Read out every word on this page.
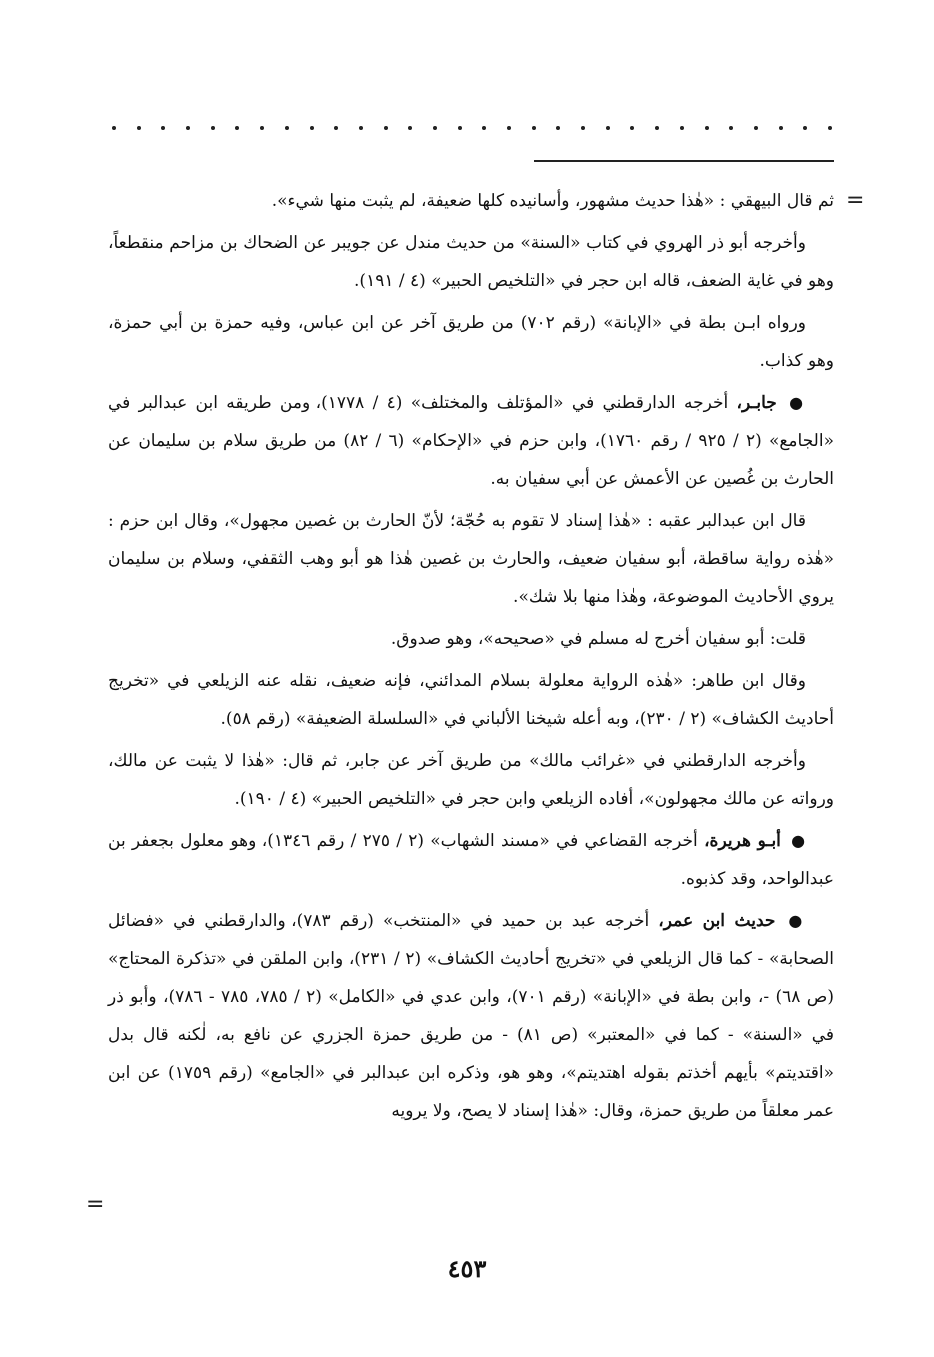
=

ثم قال البيهقي : «هٰذا حديث مشهور، وأسانيده كلها ضعيفة، لم يثبت منها شيء».

وأخرجه أبو ذر الهروي في كتاب «السنة» من حديث مندل عن جويبر عن الضحاك بن مزاحم منقطعاً، وهو في غاية الضعف، قاله ابن حجر في «التلخيص الحبير» (٤ / ١٩١).

ورواه ابـن بطة في «الإبانة» (رقم ٧٠٢) من طريق آخر عن ابن عباس، وفيه حمزة بن أبي حمزة، وهو كذاب.

● جابـر، أخرجه الدارقطني في «المؤتلف والمختلف» (٤ / ١٧٧٨)، ومن طريقه ابن عبدالبر في «الجامع» (٢ / ٩٢٥ / رقم ١٧٦٠)، وابن حزم في «الإحكام» (٦ / ٨٢) من طريق سلام بن سليمان عن الحارث بن غُصين عن الأعمش عن أبي سفيان به.

قال ابن عبدالبر عقبه : «هٰذا إسناد لا تقوم به حُجّة؛ لأنّ الحارث بن غصين مجهول»، وقال ابن حزم : «هٰذه رواية ساقطة، أبو سفيان ضعيف، والحارث بن غصين هٰذا هو أبو وهب الثقفي، وسلام بن سليمان يروي الأحاديث الموضوعة، وهٰذا منها بلا شك».

قلت: أبو سفيان أخرج له مسلم في «صحيحه»، وهو صدوق.

وقال ابن طاهر: «هٰذه الرواية معلولة بسلام المدائني، فإنه ضعيف، نقله عنه الزيلعي في «تخريج أحاديث الكشاف» (٢ / ٢٣٠)، وبه أعله شيخنا الألباني في «السلسلة الضعيفة» (رقم ٥٨).

وأخرجه الدارقطني في «غرائب مالك» من طريق آخر عن جابر، ثم قال: «هٰذا لا يثبت عن مالك، ورواته عن مالك مجهولون»، أفاده الزيلعي وابن حجر في «التلخيص الحبير» (٤ / ١٩٠).

● أبـو هريرة، أخرجه القضاعي في «مسند الشهاب» (٢ / ٢٧٥ / رقم ١٣٤٦)، وهو معلول بجعفر بن عبدالواحد، وقد كذبوه.

● حديث ابن عمر، أخرجه عبد بن حميد في «المنتخب» (رقم ٧٨٣)، والدارقطني في «فضائل الصحابة» - كما قال الزيلعي في «تخريج أحاديث الكشاف» (٢ / ٢٣١)، وابن الملقن في «تذكرة المحتاج» (ص ٦٨) -، وابن بطة في «الإبانة» (رقم ٧٠١)، وابن عدي في «الكامل» (٢ / ٧٨٥، ٧٨٥ - ٧٨٦)، وأبو ذر في «السنة» - كما في «المعتبر» (ص ٨١) - من طريق حمزة الجزري عن نافع به، لٰكنه قال بدل «اقتديتم» بأيهم أخذتم بقوله اهتديتم»، وهو هو، وذكره ابن عبدالبر في «الجامع» (رقم ١٧٥٩) عن ابن عمر معلقاً من طريق حمزة، وقال: «هٰذا إسناد لا يصح، ولا يرويه

=
٤٥٣
